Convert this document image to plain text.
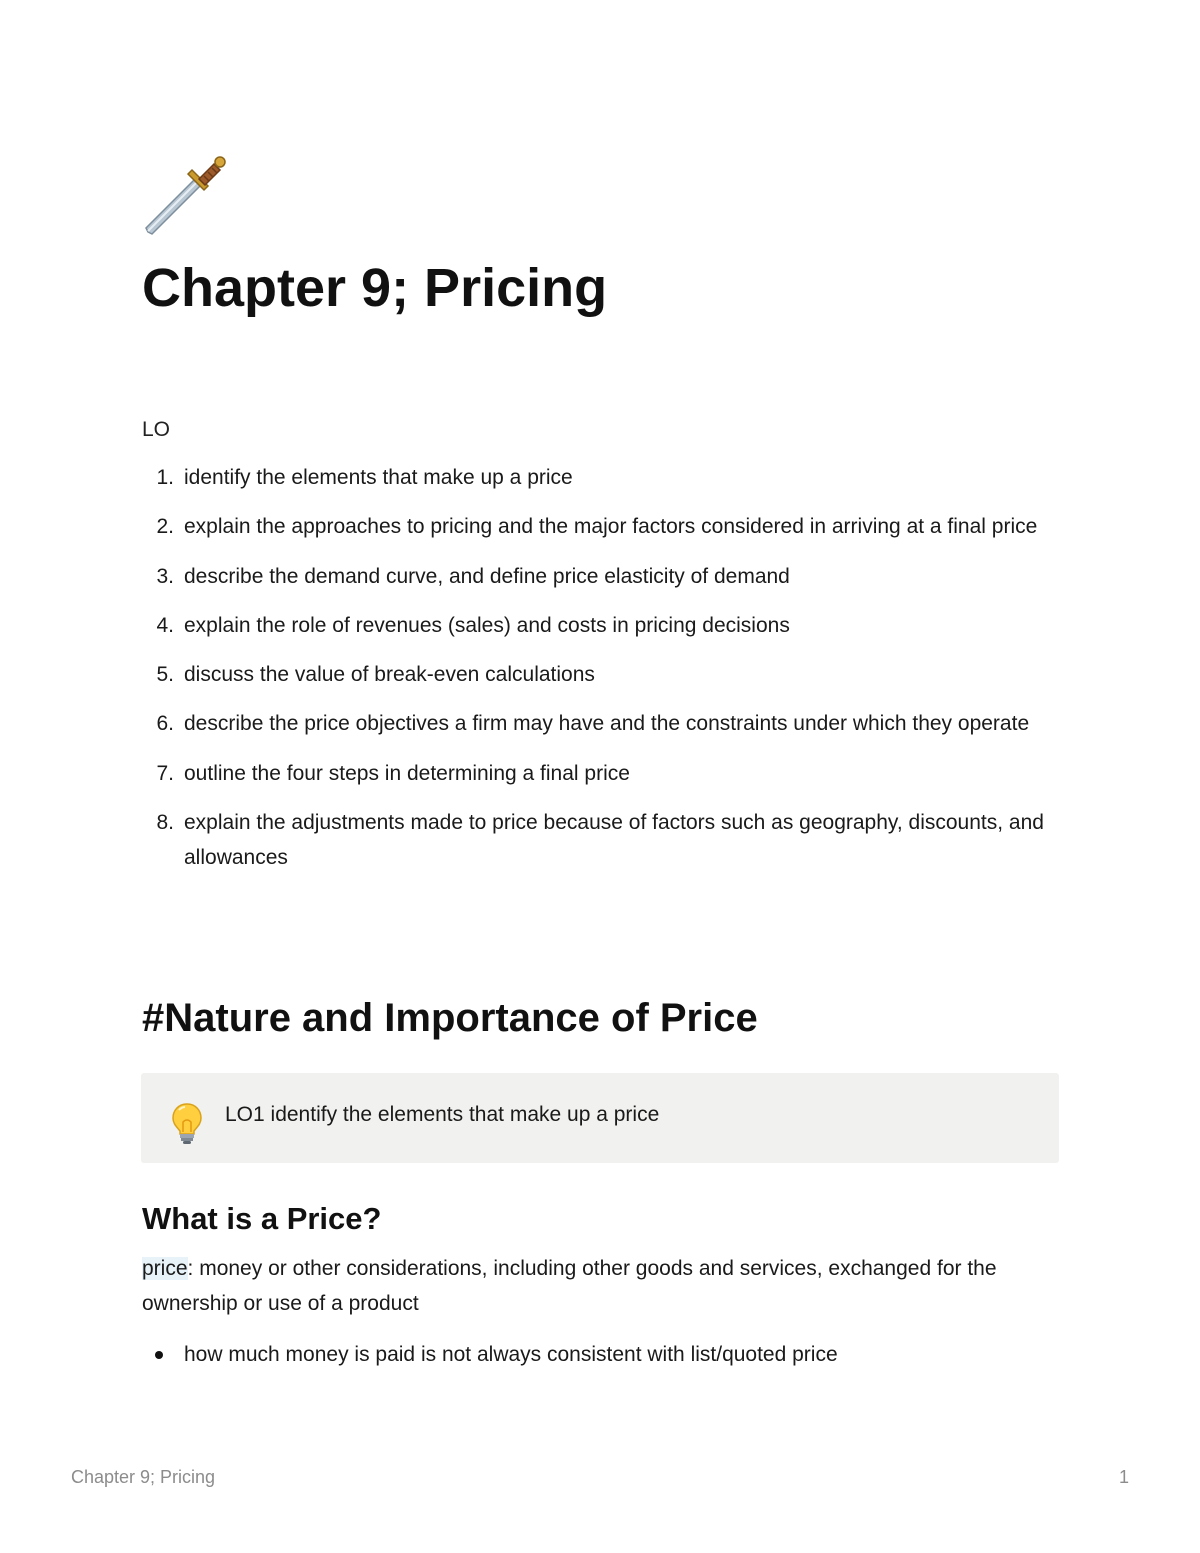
Chapter 9; Pricing
LO
1. identify the elements that make up a price
2. explain the approaches to pricing and the major factors considered in arriving at a final price
3. describe the demand curve, and define price elasticity of demand
4. explain the role of revenues (sales) and costs in pricing decisions
5. discuss the value of break-even calculations
6. describe the price objectives a firm may have and the constraints under which they operate
7. outline the four steps in determining a final price
8. explain the adjustments made to price because of factors such as geography, discounts, and allowances
#Nature and Importance of Price
LO1 identify the elements that make up a price
What is a Price?

price: money or other considerations, including other goods and services, exchanged for the ownership or use of a product

how much money is paid is not always consistent with list/quoted price
Chapter 9; Pricing	1
